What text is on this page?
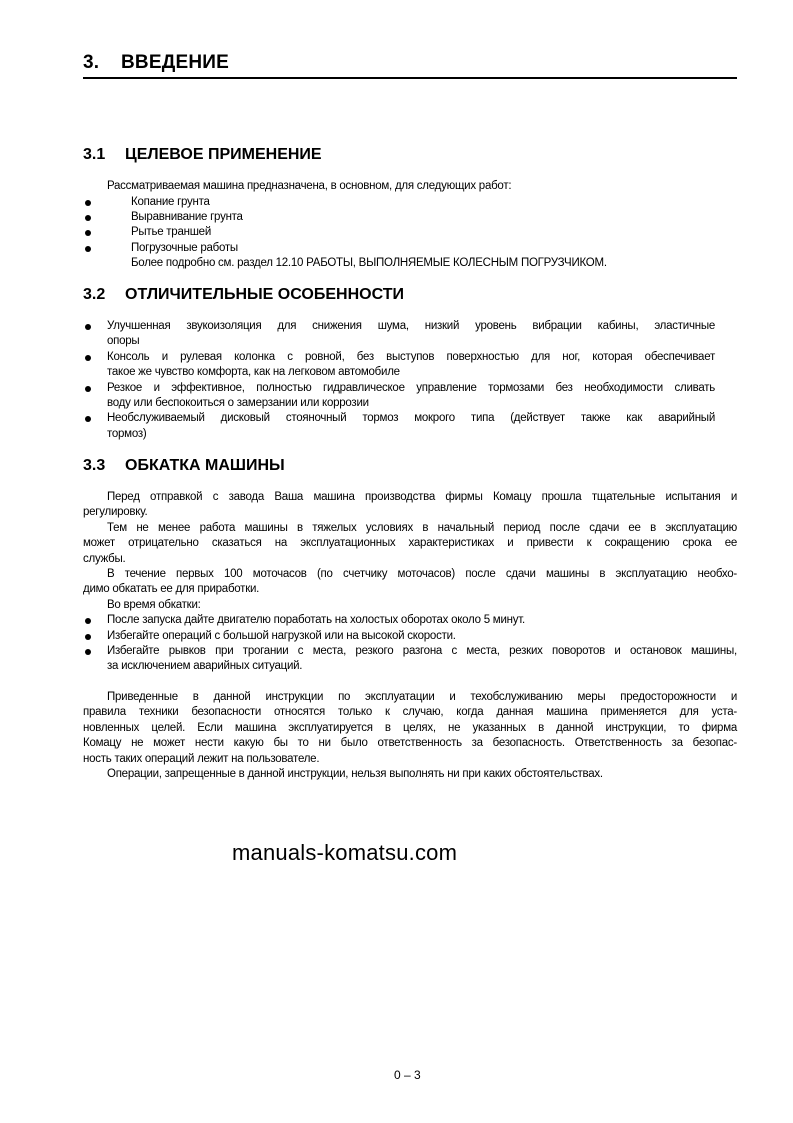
3. ВВЕДЕНИЕ
3.1 ЦЕЛЕВОЕ ПРИМЕНЕНИЕ
Рассматриваемая машина предназначена, в основном, для следующих работ:
Копание грунта
Выравнивание грунта
Рытье траншей
Погрузочные работы
Более подробно см. раздел 12.10 РАБОТЫ, ВЫПОЛНЯЕМЫЕ КОЛЕСНЫМ ПОГРУЗЧИКОМ.
3.2 ОТЛИЧИТЕЛЬНЫЕ ОСОБЕННОСТИ
Улучшенная звукоизоляция для снижения шума, низкий уровень вибрации кабины, эластичные
опоры
Консоль и рулевая колонка с ровной, без выступов поверхностью для ног, которая обеспечивает
такое же чувство комфорта, как на легковом автомобиле
Резкое и эффективное, полностью гидравлическое управление тормозами без необходимости сливать
воду или беспокоиться о замерзании или коррозии
Необслуживаемый дисковый стояночный тормоз мокрого типа (действует также как аварийный
тормоз)
3.3 ОБКАТКА МАШИНЫ
Перед отправкой с завода Ваша машина производства фирмы Комацу прошла тщательные испытания и
регулировку.
Тем не менее работа машины в тяжелых условиях в начальный период после сдачи ее в эксплуатацию
может отрицательно сказаться на эксплуатационных характеристиках и привести к сокращению срока ее
службы.
В течение первых 100 моточасов (по счетчику моточасов) после сдачи машины в эксплуатацию необхо-
димо обкатать ее для приработки.
Во время обкатки:
После запуска дайте двигателю поработать на холостых оборотах около 5 минут.
Избегайте операций с большой нагрузкой или на высокой скорости.
Избегайте рывков при трогании с места, резкого разгона с места, резких поворотов и остановок машины,
за исключением аварийных ситуаций.
Приведенные в данной инструкции по эксплуатации и техобслуживанию меры предосторожности и
правила техники безопасности относятся только к случаю, когда данная машина применяется для уста-
новленных целей. Если машина эксплуатируется в целях, не указанных в данной инструкции, то фирма
Комацу не может нести какую бы то ни было ответственность за безопасность. Ответственность за безопас-
ность таких операций лежит на пользователе.
Операции, запрещенные в данной инструкции, нельзя выполнять ни при каких обстоятельствах.
manuals-komatsu.com
0 – 3
